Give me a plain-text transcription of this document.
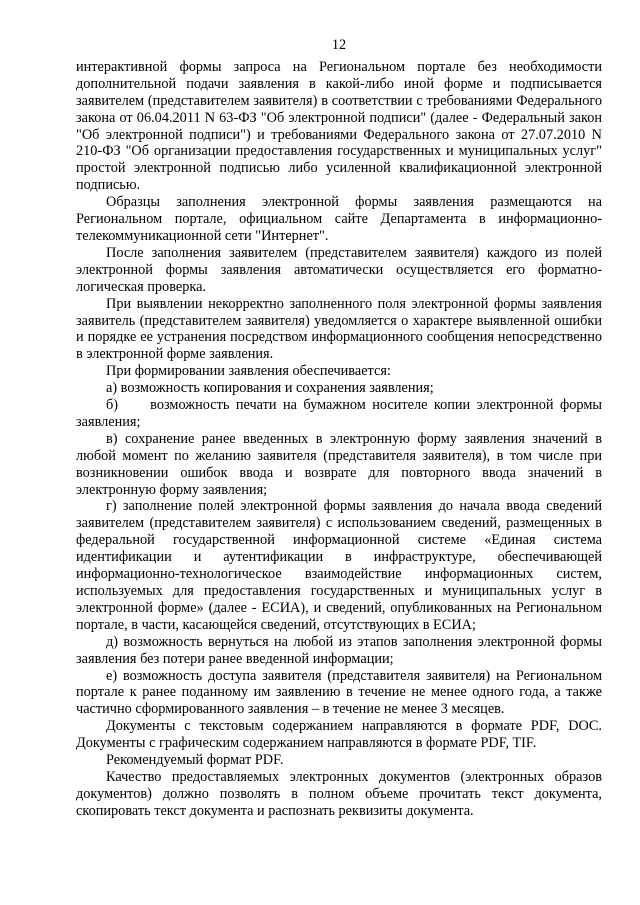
12

интерактивной формы запроса на Региональном портале без необходимости дополнительной подачи заявления в какой-либо иной форме и подписывается заявителем (представителем заявителя) в соответствии с требованиями Федерального закона от 06.04.2011 N 63-ФЗ "Об электронной подписи" (далее - Федеральный закон "Об электронной подписи") и требованиями Федерального закона от 27.07.2010 N 210-ФЗ "Об организации предоставления государственных и муниципальных услуг" простой электронной подписью либо усиленной квалификационной электронной подписью.

Образцы заполнения электронной формы заявления размещаются на Региональном портале, официальном сайте Департамента в информационно-телекоммуникационной сети "Интернет".

После заполнения заявителем (представителем заявителя) каждого из полей электронной формы заявления автоматически осуществляется его форматно-логическая проверка.

При выявлении некорректно заполненного поля электронной формы заявления заявитель (представителем заявителя) уведомляется о характере выявленной ошибки и порядке ее устранения посредством информационного сообщения непосредственно в электронной форме заявления.

При формировании заявления обеспечивается:

а) возможность копирования и сохранения заявления;

б)     возможность печати на бумажном носителе копии электронной формы заявления;

в) сохранение ранее введенных в электронную форму заявления значений в любой момент по желанию заявителя (представителя заявителя), в том числе при возникновении ошибок ввода и возврате для повторного ввода значений в электронную форму заявления;

г) заполнение полей электронной формы заявления до начала ввода сведений заявителем (представителем заявителя) с использованием сведений, размещенных в федеральной государственной информационной системе «Единая система идентификации и аутентификации в инфраструктуре, обеспечивающей информационно-технологическое взаимодействие информационных систем, используемых для предоставления государственных и муниципальных услуг в электронной форме» (далее - ЕСИА), и сведений, опубликованных на Региональном портале, в части, касающейся сведений, отсутствующих в ЕСИА;

д) возможность вернуться на любой из этапов заполнения электронной формы заявления без потери ранее введенной информации;

е) возможность доступа заявителя (представителя заявителя) на Региональном портале к ранее поданному им заявлению в течение не менее одного года, а также частично сформированного заявления – в течение не менее 3 месяцев.

Документы с текстовым содержанием направляются в формате PDF, DOC. Документы с графическим содержанием направляются в формате PDF, TIF.

Рекомендуемый формат PDF.

Качество предоставляемых электронных документов (электронных образов документов) должно позволять в полном объеме прочитать текст документа, скопировать текст документа и распознать реквизиты документа.
